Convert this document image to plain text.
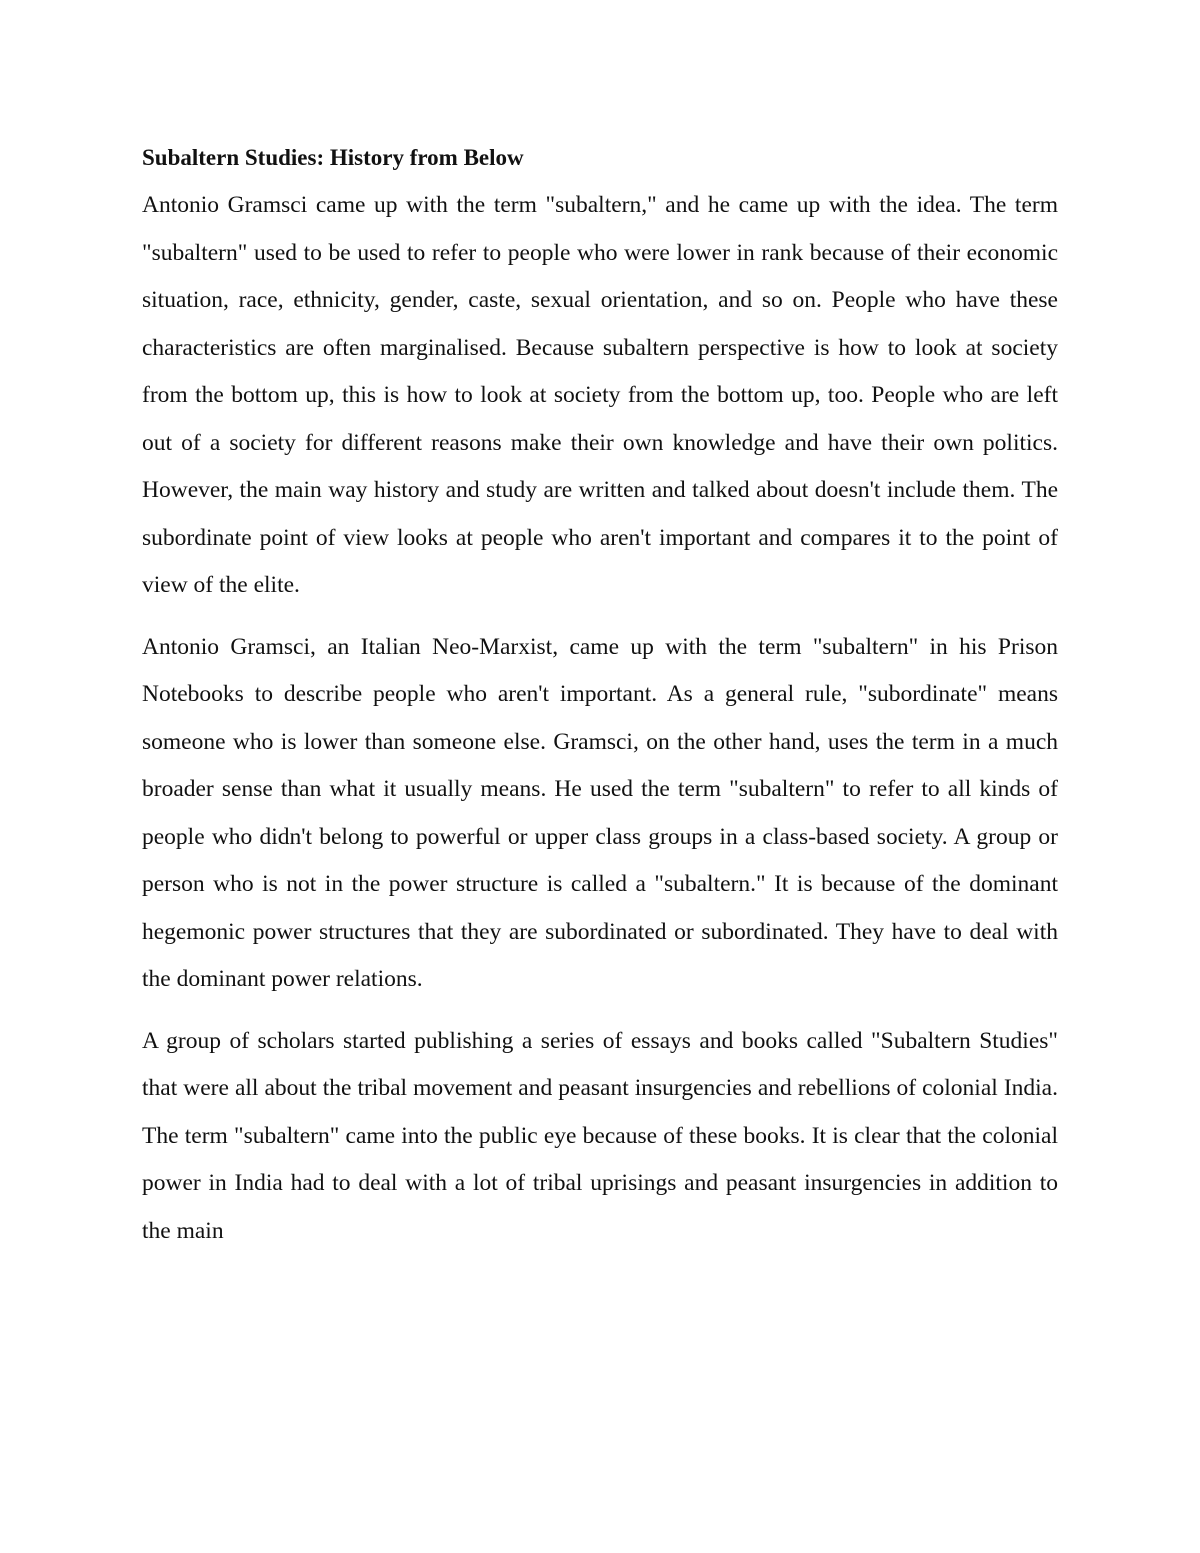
Subaltern Studies: History from Below

Antonio Gramsci came up with the term "subaltern," and he came up with the idea. The term "subaltern" used to be used to refer to people who were lower in rank because of their economic situation, race, ethnicity, gender, caste, sexual orientation, and so on. People who have these characteristics are often marginalised. Because subaltern perspective is how to look at society from the bottom up, this is how to look at society from the bottom up, too. People who are left out of a society for different reasons make their own knowledge and have their own politics. However, the main way history and study are written and talked about doesn't include them. The subordinate point of view looks at people who aren't important and compares it to the point of view of the elite.

Antonio Gramsci, an Italian Neo-Marxist, came up with the term "subaltern" in his Prison Notebooks to describe people who aren't important. As a general rule, "subordinate" means someone who is lower than someone else. Gramsci, on the other hand, uses the term in a much broader sense than what it usually means. He used the term "subaltern" to refer to all kinds of people who didn't belong to powerful or upper class groups in a class-based society. A group or person who is not in the power structure is called a "subaltern." It is because of the dominant hegemonic power structures that they are subordinated or subordinated. They have to deal with the dominant power relations.

A group of scholars started publishing a series of essays and books called "Subaltern Studies" that were all about the tribal movement and peasant insurgencies and rebellions of colonial India. The term "subaltern" came into the public eye because of these books. It is clear that the colonial power in India had to deal with a lot of tribal uprisings and peasant insurgencies in addition to the main
